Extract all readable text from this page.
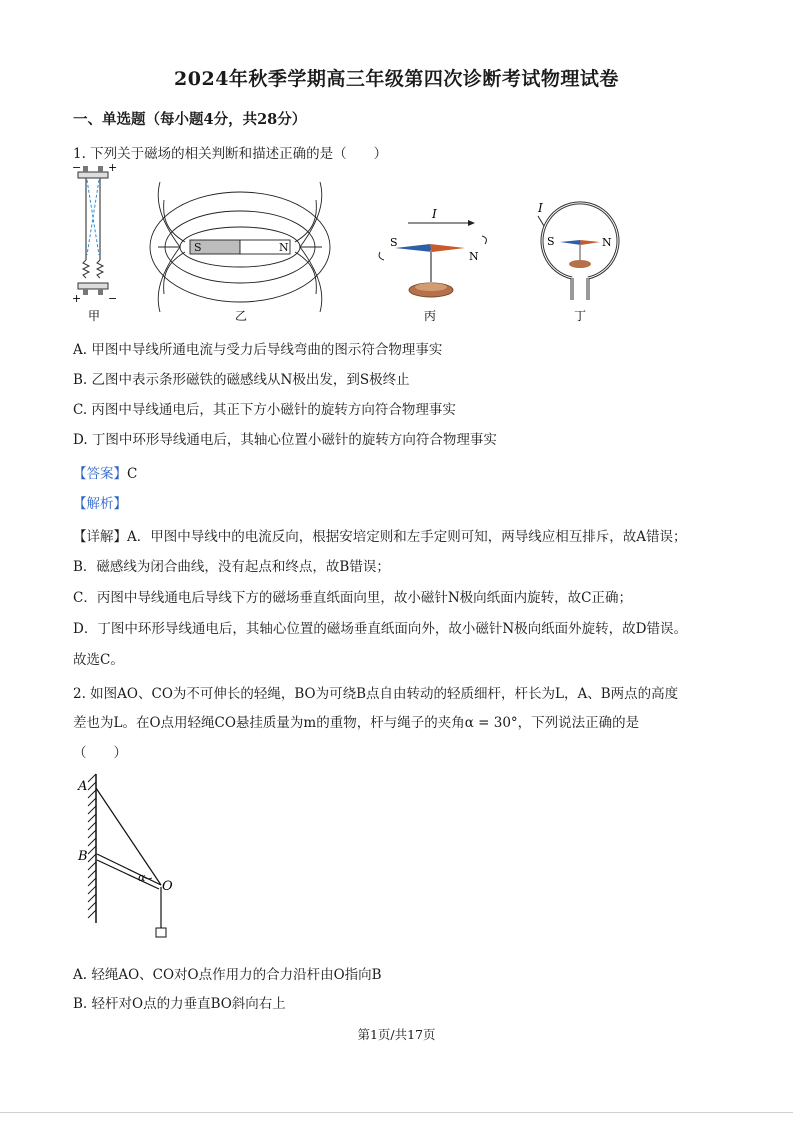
2024年秋季学期高三年级第四次诊断考试物理试卷
一、单选题（每小题4分，共28分）
1. 下列关于磁场的相关判断和描述正确的是（　　）
− +
+ −
甲
S	N
乙
I
S
N
丙
I
S	N
丁
A. 甲图中导线所通电流与受力后导线弯曲的图示符合物理事实
B. 乙图中表示条形磁铁的磁感线从N极出发，到S极终止
C. 丙图中导线通电后，其正下方小磁针的旋转方向符合物理事实
D. 丁图中环形导线通电后，其轴心位置小磁针的旋转方向符合物理事实
【答案】C
【解析】
【详解】A．甲图中导线中的电流反向，根据安培定则和左手定则可知，两导线应相互排斥，故A错误；
B．磁感线为闭合曲线，没有起点和终点，故B错误；
C．丙图中导线通电后导线下方的磁场垂直纸面向里，故小磁针N极向纸面内旋转，故C正确；
D．丁图中环形导线通电后，其轴心位置的磁场垂直纸面向外，故小磁针N极向纸面外旋转，故D错误。
故选C。
2. 如图AO、CO为不可伸长的轻绳，BO为可绕B点自由转动的轻质细杆，杆长为L，A、B两点的高度
差也为L。在O点用轻绳CO悬挂质量为m的重物，杆与绳子的夹角α = 30°，下列说法正确的是
（　　）
A
B
O
α
A. 轻绳AO、CO对O点作用力的合力沿杆由O指向B
B. 轻杆对O点的力垂直BO斜向右上
第1页/共17页
